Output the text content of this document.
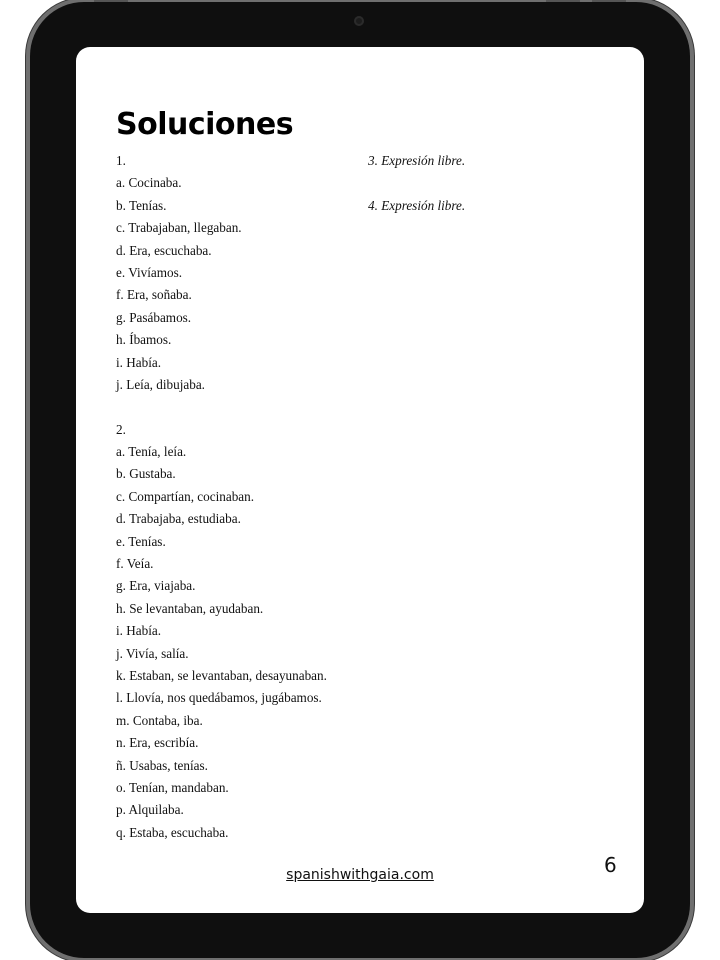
Soluciones
1.
a. Cocinaba.
b. Tenías.
c. Trabajaban, llegaban.
d. Era, escuchaba.
e. Vivíamos.
f. Era, soñaba.
g. Pasábamos.
h. Íbamos.
i. Había.
j. Leía, dibujaba.
2.
a. Tenía, leía.
b. Gustaba.
c. Compartían, cocinaban.
d. Trabajaba, estudiaba.
e. Tenías.
f. Veía.
g. Era, viajaba.
h. Se levantaban, ayudaban.
i. Había.
j. Vivía, salía.
k. Estaban, se levantaban, desayunaban.
l. Llovía, nos quedábamos, jugábamos.
m. Contaba, iba.
n. Era, escribía.
ñ. Usabas, tenías.
o. Tenían, mandaban.
p. Alquilaba.
q. Estaba, escuchaba.
3. Expresión libre.
4. Expresión libre.
spanishwithgaia.com	6
